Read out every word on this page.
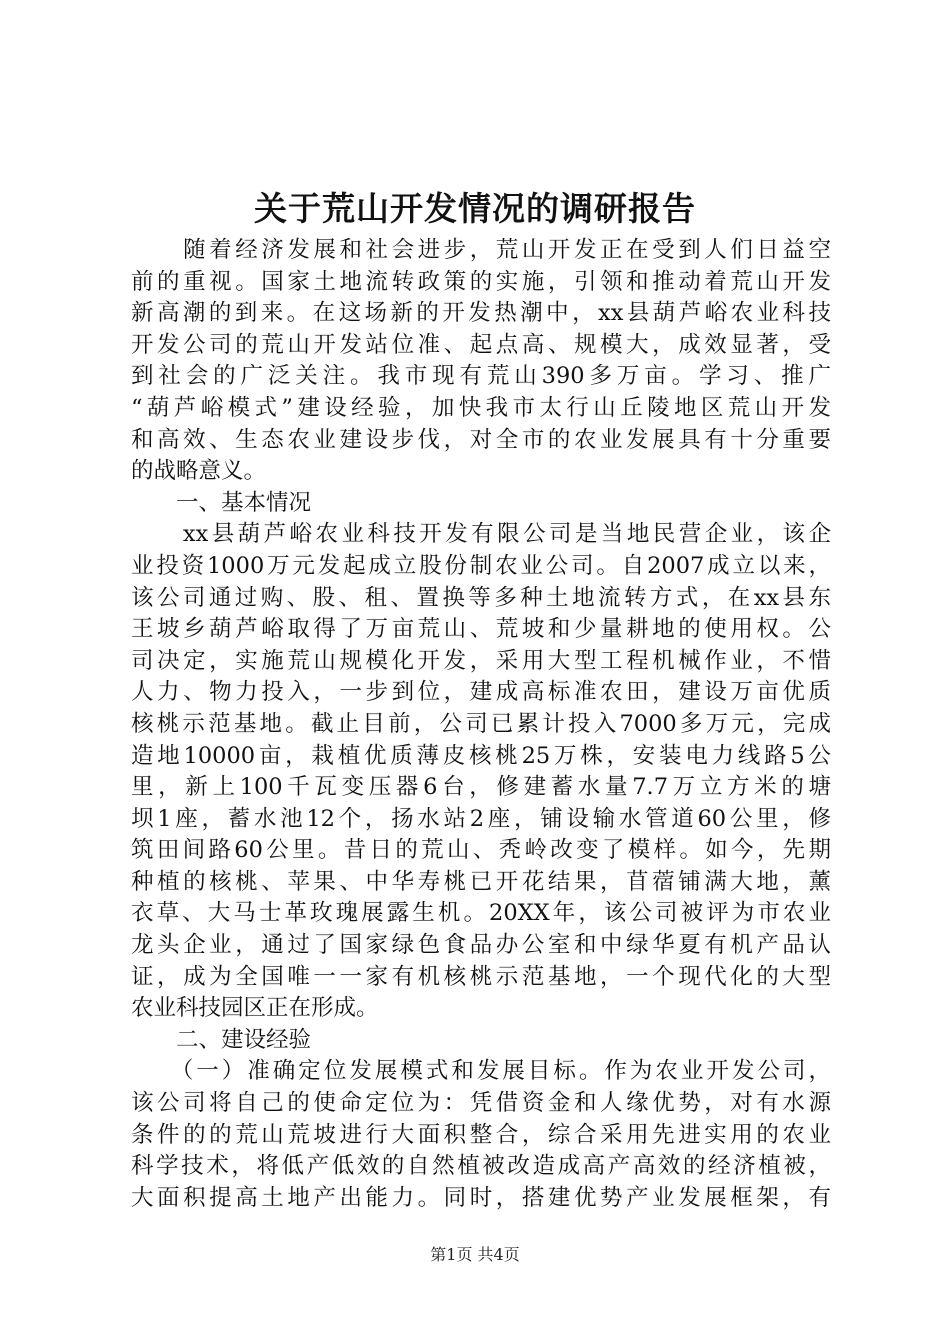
关于荒山开发情况的调研报告
　　随着经济发展和社会进步，荒山开发正在受到人们日益空
前的重视。国家土地流转政策的实施，引领和推动着荒山开发
新高潮的到来。在这场新的开发热潮中，xx县葫芦峪农业科技
开发公司的荒山开发站位准、起点高、规模大，成效显著，受
到社会的广泛关注。我市现有荒山390多万亩。学习、推广
“葫芦峪模式”建设经验，加快我市太行山丘陵地区荒山开发
和高效、生态农业建设步伐，对全市的农业发展具有十分重要
的战略意义。
　　一、基本情况
　　xx县葫芦峪农业科技开发有限公司是当地民营企业，该企
业投资1000万元发起成立股份制农业公司。自2007成立以来，
该公司通过购、股、租、置换等多种土地流转方式，在xx县东
王坡乡葫芦峪取得了万亩荒山、荒坡和少量耕地的使用权。公
司决定，实施荒山规模化开发，采用大型工程机械作业，不惜
人力、物力投入，一步到位，建成高标准农田，建设万亩优质
核桃示范基地。截止目前，公司已累计投入7000多万元，完成
造地10000亩，栽植优质薄皮核桃25万株，安装电力线路5公
里，新上100千瓦变压器6台，修建蓄水量7.7万立方米的塘
坝1座，蓄水池12个，扬水站2座，铺设输水管道60公里，修
筑田间路60公里。昔日的荒山、秃岭改变了模样。如今，先期
种植的核桃、苹果、中华寿桃已开花结果，苜蓿铺满大地，薰
衣草、大马士革玫瑰展露生机。20XX年，该公司被评为市农业
龙头企业，通过了国家绿色食品办公室和中绿华夏有机产品认
证，成为全国唯一一家有机核桃示范基地，一个现代化的大型
农业科技园区正在形成。
　　二、建设经验
　　（一）准确定位发展模式和发展目标。作为农业开发公司，
该公司将自己的使命定位为：凭借资金和人缘优势，对有水源
条件的的荒山荒坡进行大面积整合，综合采用先进实用的农业
科学技术，将低产低效的自然植被改造成高产高效的经济植被，
大面积提高土地产出能力。同时，搭建优势产业发展框架，有
第1页 共4页
